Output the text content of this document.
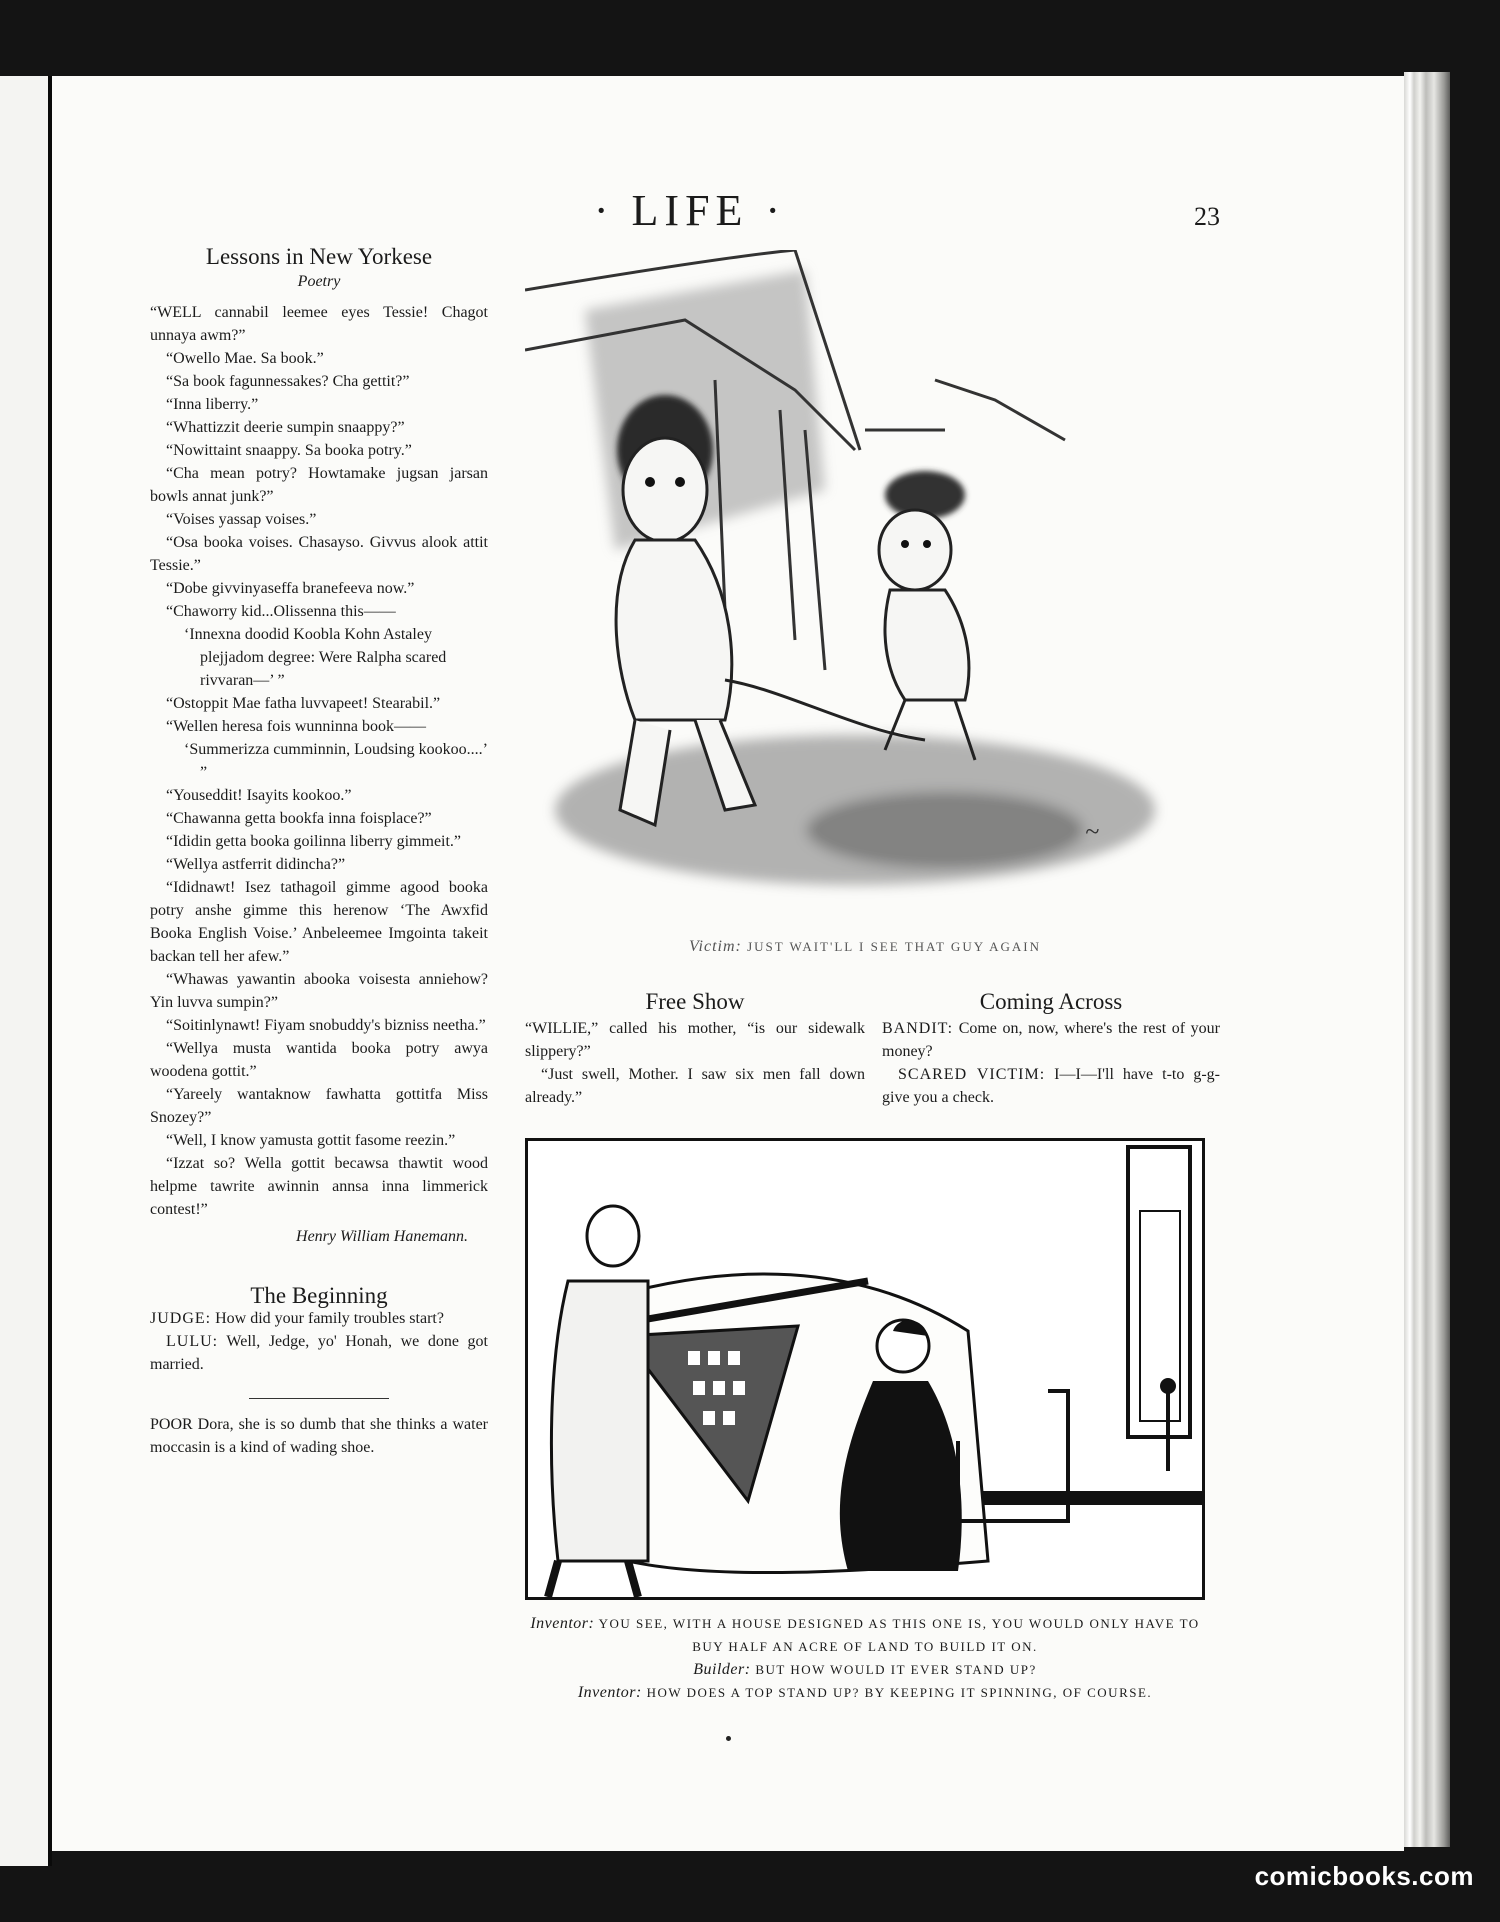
· LIFE ·	23
Lessons in New Yorkese
Poetry

“WELL cannabil leemee eyes Tessie! Chagot unnaya awm?”

“Owello Mae. Sa book.”

“Sa book fagunnessakes? Cha gettit?”

“Inna liberry.”

“Whattizzit deerie sumpin snaappy?”

“Nowittaint snaappy. Sa booka potry.”

“Cha mean potry? Howtamake jugsan jarsan bowls annat junk?”

“Voises yassap voises.”

“Osa booka voises. Chasayso. Givvus alook attit Tessie.”

“Dobe givvinyaseffa branefeeva now.”

“Chaworry kid...Olissenna this——

‘Innexna doodid Koobla Kohn Astaley plejjadom degree: Were Ralpha scared rivvaran—’ ”

“Ostoppit Mae fatha luvvapeet! Stearabil.”

“Wellen heresa fois wunninna book——

‘Summerizza cumminnin, Loudsing kookoo....’ ”

“Youseddit! Isayits kookoo.”

“Chawanna getta bookfa inna foisplace?”

“Ididin getta booka goilinna liberry gimmeit.”

“Wellya astferrit didincha?”

“Ididnawt! Isez tathagoil gimme agood booka potry anshe gimme this herenow ‘The Awxfid Booka English Voise.’ Anbeleemee Imgointa takeit backan tell her afew.”

“Whawas yawantin abooka voisesta anniehow? Yin luvva sumpin?”

“Soitinlynawt! Fiyam snobuddy's bizniss neetha.”

“Wellya musta wantida booka potry awya woodena gottit.”

“Yareely wantaknow fawhatta gottitfa Miss Snozey?”

“Well, I know yamusta gottit fasome reezin.”

“Izzat so? Wella gottit becawsa thawtit wood helpme tawrite awinnin annsa inna limmerick contest!”

Henry William Hanemann.
The Beginning

JUDGE: How did your family troubles start?

LULU: Well, Jedge, yo' Honah, we done got married.

POOR Dora, she is so dumb that she thinks a water moccasin is a kind of wading shoe.

~
Victim: JUST WAIT'LL I SEE THAT GUY AGAIN
Free Show

“WILLIE,” called his mother, “is our sidewalk slippery?”

“Just swell, Mother. I saw six men fall down already.”

Coming Across

BANDIT: Come on, now, where's the rest of your money?

SCARED VICTIM: I—I—I'll have t-to g-g-give you a check.

Inventor: YOU SEE, WITH A HOUSE DESIGNED AS THIS ONE IS, YOU WOULD ONLY HAVE TO BUY HALF AN ACRE OF LAND TO BUILD IT ON.
Builder: BUT HOW WOULD IT EVER STAND UP?
Inventor: HOW DOES A TOP STAND UP? BY KEEPING IT SPINNING, OF COURSE.
comicbooks.com
